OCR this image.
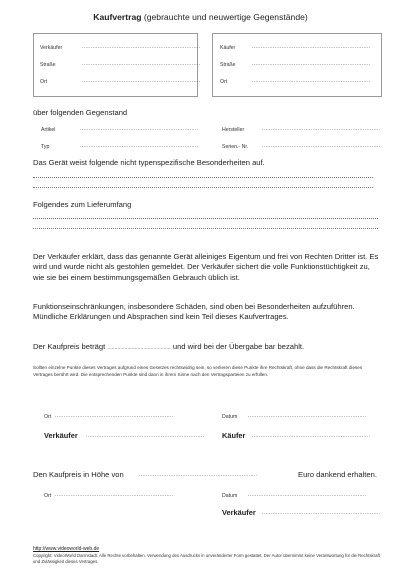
Kaufvertrag (gebrauchte und neuwertige Gegenstände)
Verkäufer	....................................................................
Straße	....................................................................
Ort	....................................................................
Käufer	....................................................................
Straße	....................................................................
Ort	....................................................................
über folgenden Gegenstand
Artikel	....................................................................	Hersteller	....................................................................
Typ	....................................................................	Serien.- Nr.	....................................................................
Das Gerät weist folgende nicht typenspezifische Besonderheiten auf.
Folgendes zum Lieferumfang
Der Verkäufer erklärt, dass das genannte Gerät alleiniges Eigentum und frei von Rechten Dritter ist. Es wird und wurde nicht als gestohlen gemeldet. Der Verkäufer sichert die volle Funktionstüchtigkeit zu, wie sie bei einem bestimmungsgemäßen Gebrauch üblich ist.
Funktionseinschränkungen, insbesondere Schäden, sind oben bei Besonderheiten aufzuführen. Mündliche Erklärungen und Absprachen sind kein Teil dieses Kaufvertrages.
Der Kaufpreis beträgt ............................................ und wird bei der Übergabe bar bezahlt.
Sollten einzelne Punkte dieses Vertrages aufgrund eines Gesetzes rechtswidrig sein, so verlieren diese Punkte ihre Rechtskraft, ohne dass die Rechtskraft dieses Vertrages berührt wird. Die entsprechenden Punkte sind dann in ihrem Sinne nach den Vertragsparteien zu erfüllen.
Ort ....................................................................	Datum ....................................................................
Verkäufer .................................................................... Käufer ....................................................................
Den Kaufpreis in Höhe von	....................................................................	Euro dankend erhalten.
Ort ....................................................................	Datum ....................................................................
Verkäufer ....................................................................
http://www.videoworld-web.de
Copyright: VideoWorld Darmstadt. Alle Rechte vorbehalten. Verwendung des Ausdrucks in unveränderter Form gestattet. Der Autor übernimmt keine Verantwortung für die Rechtskraft und Zulässigkeit dieses Vertrages.
